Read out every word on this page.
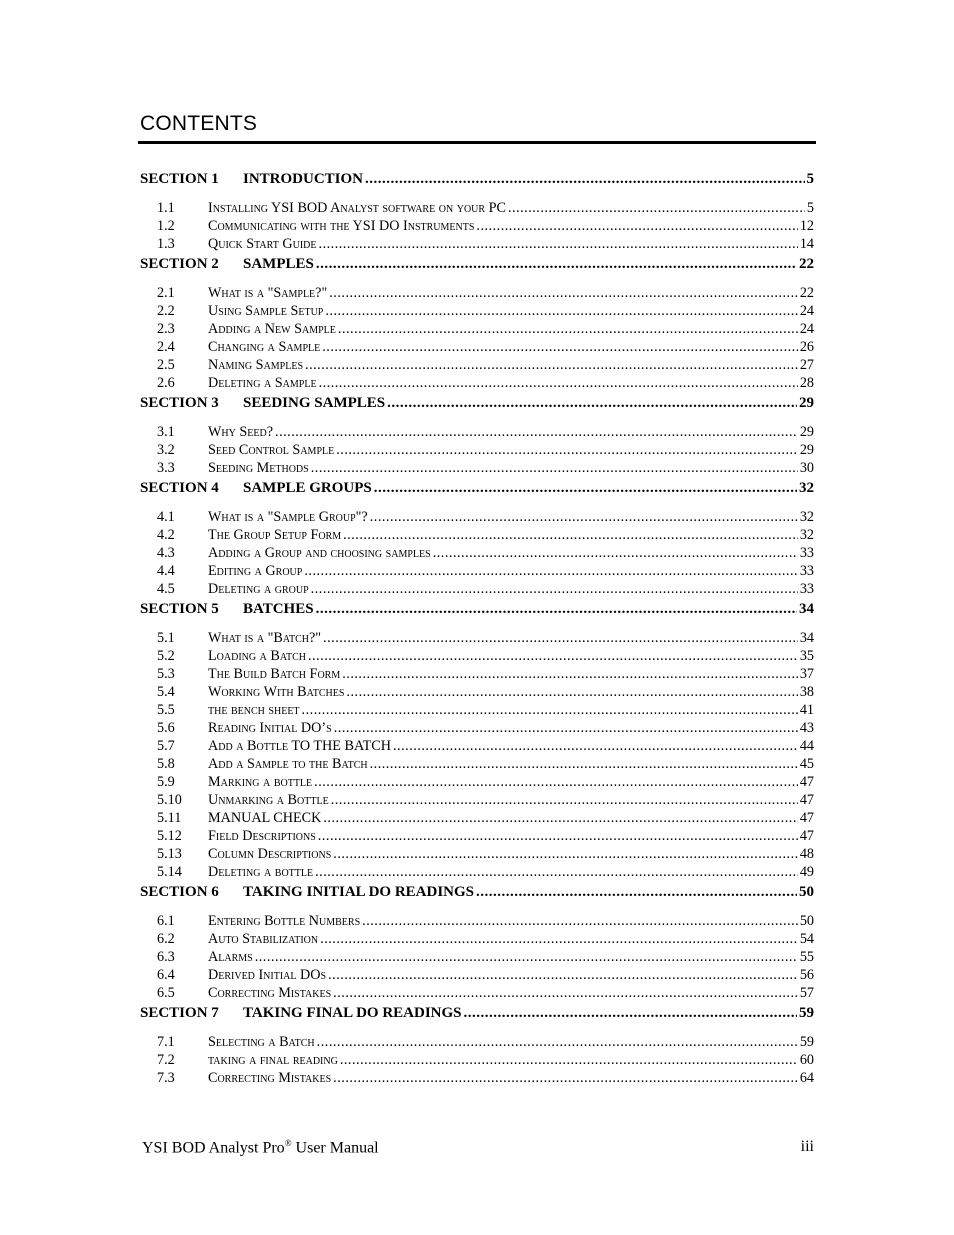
CONTENTS
SECTION 1	INTRODUCTION .....	5
1.1 Installing YSI BOD Analyst software on your PC .....	5
1.2 Communicating with the YSI DO Instruments .....	12
1.3 Quick Start Guide .....	14
SECTION 2	SAMPLES .....	22
2.1 What is a "Sample?" .....	22
2.2 Using Sample Setup .....	24
2.3 Adding a New Sample .....	24
2.4 Changing a Sample .....	26
2.5 Naming Samples .....	27
2.6 Deleting a Sample .....	28
SECTION 3	SEEDING SAMPLES .....	29
3.1 Why Seed? .....	29
3.2 Seed Control Sample .....	29
3.3 Seeding Methods .....	30
SECTION 4	SAMPLE GROUPS .....	32
4.1 What is a "Sample Group"? .....	32
4.2 The Group Setup Form .....	32
4.3 Adding a Group and choosing samples .....	33
4.4 Editing a Group .....	33
4.5 Deleting a group .....	33
SECTION 5	BATCHES .....	34
5.1 What is a "Batch?" .....	34
5.2 Loading a Batch .....	35
5.3 The Build Batch Form .....	37
5.4 Working With Batches .....	38
5.5 the bench sheet .....	41
5.6 Reading Initial DO’s .....	43
5.7 Add a Bottle TO THE BATCH .....	44
5.8 Add a Sample to the Batch .....	45
5.9 Marking a bottle .....	47
5.10 Unmarking a Bottle .....	47
5.11 MANUAL CHECK .....	47
5.12 Field Descriptions .....	47
5.13 Column Descriptions .....	48
5.14 Deleting a bottle .....	49
SECTION 6	TAKING INITIAL DO READINGS .....	50
6.1 Entering Bottle Numbers .....	50
6.2 Auto Stabilization .....	54
6.3 Alarms .....	55
6.4 Derived Initial DOs .....	56
6.5 Correcting Mistakes .....	57
SECTION 7	TAKING FINAL DO READINGS .....	59
7.1 Selecting a Batch .....	59
7.2 taking a final reading .....	60
7.3 Correcting Mistakes .....	64
YSI BOD Analyst Pro® User Manual	iii
